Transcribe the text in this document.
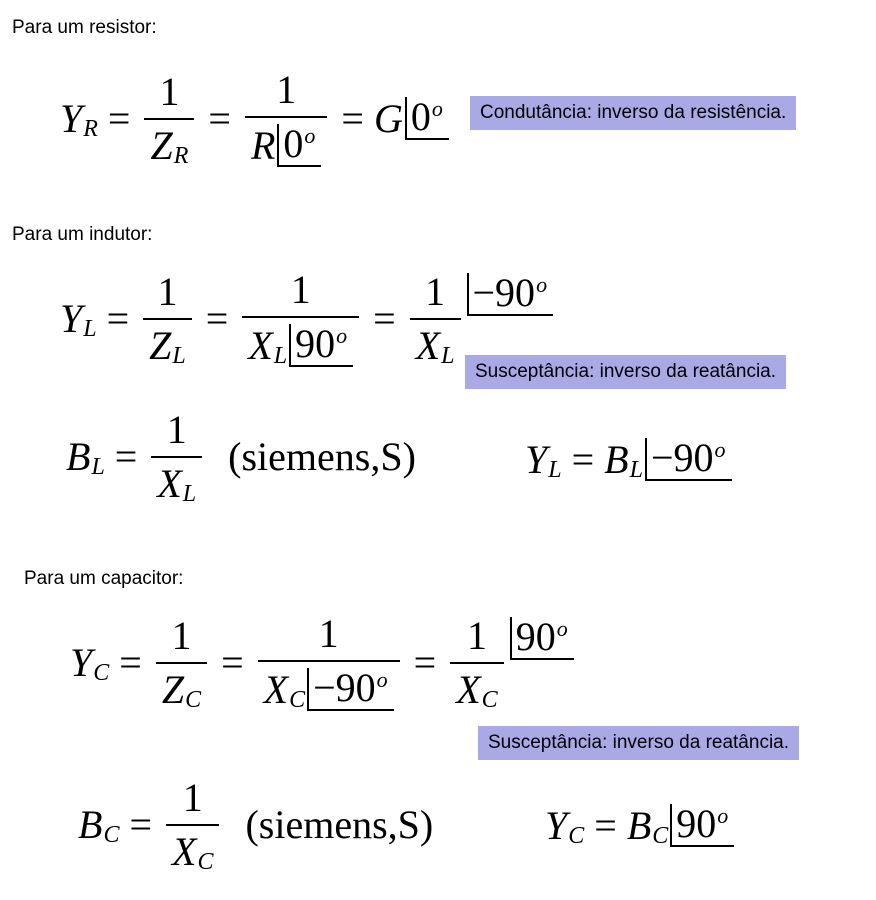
Para um resistor:
Y $R = \frac{1}{\text{Z R}} = \frac{1}{R 0^o} = G$ 0$^o$	Condutância: inverso da resistência.
Para um indutor:
Y $L = \frac{1}{\text{Z L}} = \frac{1}{X L 90^o} = \frac{1}{\text{X L}} -90^o$
Susceptância: inverso da reatância.
B $L = \frac{1}{\text{X L}}$ (siemens,S)	Y L = B $L -90^o$
Para um capacitor:
Y $C = \frac{1}{\text{Z C}} = \frac{1}{X C -90^o} = \frac{1}{\text{X C}} 90^o$
Susceptância: inverso da reatância.
B $C = \frac{1}{\text{X C}}$ (siemens,S)	Y C = B C 90$^o$
